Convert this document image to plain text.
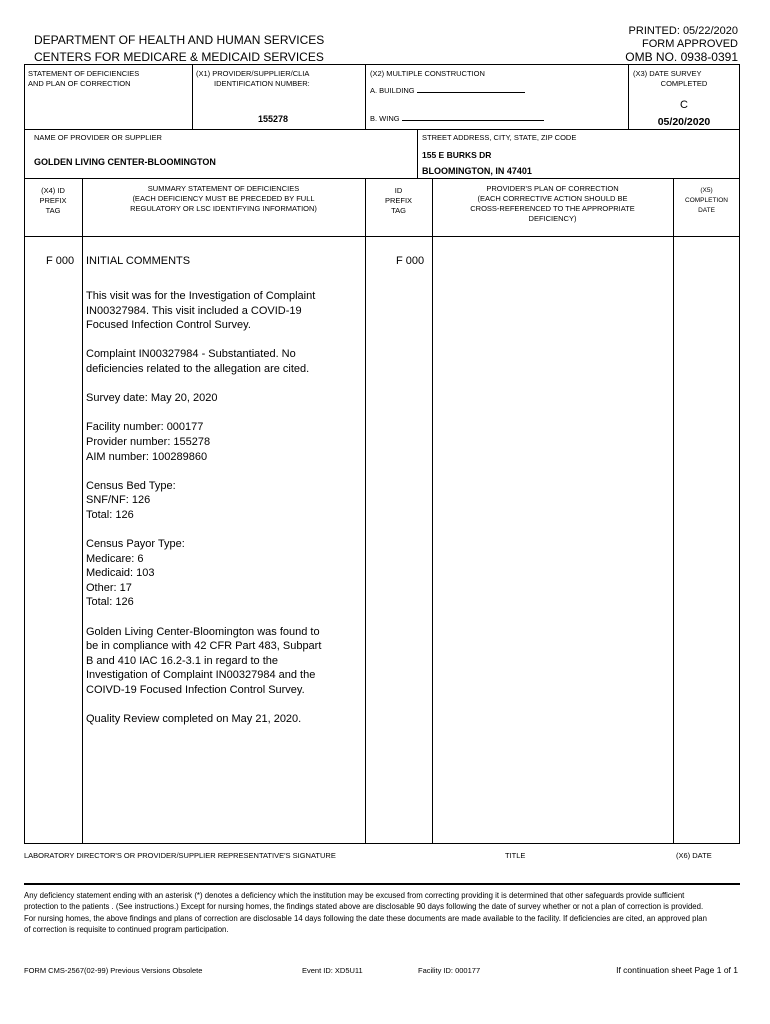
DEPARTMENT OF HEALTH AND HUMAN SERVICES
CENTERS FOR MEDICARE & MEDICAID SERVICES
PRINTED: 05/22/2020
FORM APPROVED
OMB NO. 0938-0391
STATEMENT OF DEFICIENCIES
AND PLAN OF CORRECTION
(X1) PROVIDER/SUPPLIER/CLIA
IDENTIFICATION NUMBER:
155278
(X2) MULTIPLE CONSTRUCTION
A. BUILDING
B. WING
(X3) DATE SURVEY
COMPLETED
C
05/20/2020
NAME OF PROVIDER OR SUPPLIER
GOLDEN LIVING CENTER-BLOOMINGTON
STREET ADDRESS, CITY, STATE, ZIP CODE
155 E BURKS DR
BLOOMINGTON, IN 47401
(X4) ID
PREFIX
TAG
SUMMARY STATEMENT OF DEFICIENCIES
(EACH DEFICIENCY MUST BE PRECEDED BY FULL
REGULATORY OR LSC IDENTIFYING INFORMATION)
ID
PREFIX
TAG
PROVIDER'S PLAN OF CORRECTION
(EACH CORRECTIVE ACTION SHOULD BE
CROSS-REFERENCED TO THE APPROPRIATE
DEFICIENCY)
(X5)
COMPLETION
DATE
F 000 INITIAL COMMENTS	F 000

This visit was for the Investigation of Complaint
IN00327984. This visit included a COVID-19
Focused Infection Control Survey.

Complaint IN00327984 - Substantiated. No
deficiencies related to the allegation are cited.

Survey date: May 20, 2020

Facility number: 000177
Provider number: 155278
AIM number: 100289860

Census Bed Type:
SNF/NF: 126
Total: 126

Census Payor Type:
Medicare: 6
Medicaid: 103
Other: 17
Total: 126

Golden Living Center-Bloomington was found to
be in compliance with 42 CFR Part 483, Subpart
B and 410 IAC 16.2-3.1 in regard to the
Investigation of Complaint IN00327984 and the
COIVD-19 Focused Infection Control Survey.

Quality Review completed on May 21, 2020.

LABORATORY DIRECTOR'S OR PROVIDER/SUPPLIER REPRESENTATIVE'S SIGNATURE	TITLE	(X6) DATE
Any deficiency statement ending with an asterisk (*) denotes a deficiency which the institution may be excused from correcting providing it is determined that other safeguards provide sufficient protection to the patients . (See instructions.) Except for nursing homes, the findings stated above are disclosable 90 days following the date of survey whether or not a plan of correction is provided. For nursing homes, the above findings and plans of correction are disclosable 14 days following the date these documents are made available to the facility. If deficiencies are cited, an approved plan of correction is requisite to continued program participation.
FORM CMS-2567(02-99) Previous Versions Obsolete	Event ID: XD5U11	Facility ID: 000177	If continuation sheet Page 1 of 1
